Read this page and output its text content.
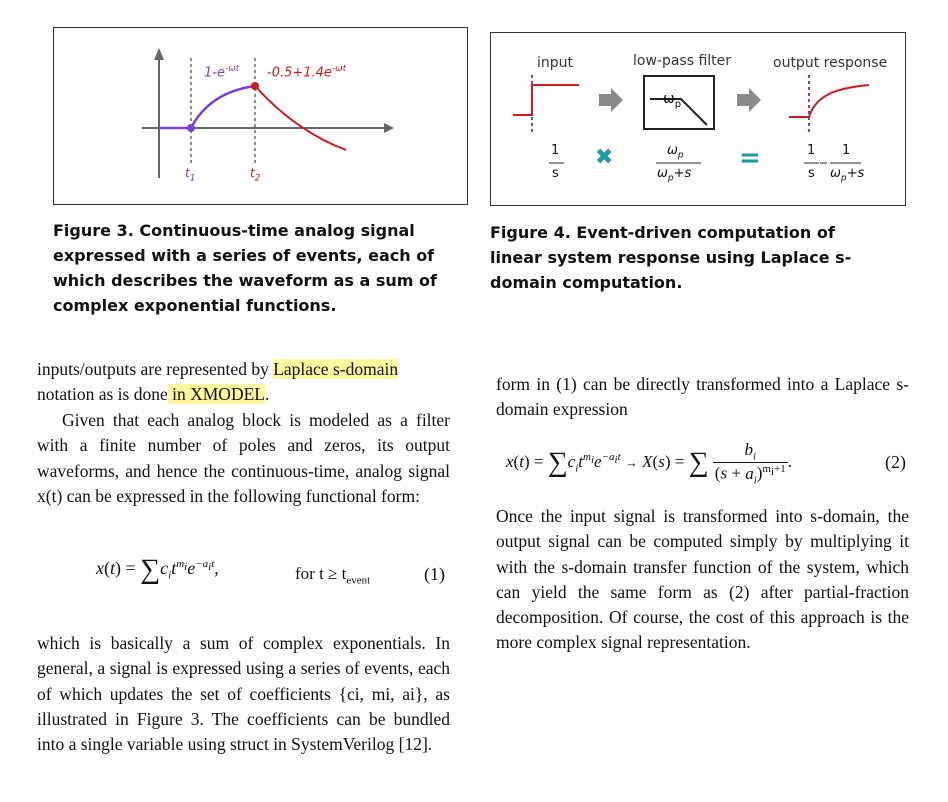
$1-e^{-\omega t}$ $-0.5+1.4e^{-\omega t}$
$t_1$	$t_2$
Figure 3. Continuous-time analog signal expressed with a series of events, each of which describes the waveform as a sum of complex exponential functions.
input	low-pass filter	output response
1
s
✖	$\omega_p$
$\omega_p+s$
=	1
s
1
$\omega_p+s$
$\omega_p$
Figure 4. Event-driven computation of linear system response using Laplace s-domain computation.

inputs/outputs are represented by Laplace s-domain
notation as is done in XMODEL.

Given that each analog block is modeled as a filter with a finite number of poles and zeros, its output waveforms, and hence the continuous-time, analog signal x(t) can be expressed in the following functional form:
$x(t) = \sum c_it^{m_i}e^{-a_it}$,	for $t \ge t_{event}$	(1)
which is basically a sum of complex exponentials. In general, a signal is expressed using a series of events, each of which updates the set of coefficients {ci, mi, ai}, as illustrated in Figure 3. The coefficients can be bundled into a single variable using struct in SystemVerilog [12].
form in (1) can be directly transformed into a Laplace s-domain expression
$x(t) = \sum c_it^{m_i}e^{-a_it} \to X(s)$ = ∑ $\frac{b_i}{(s + a_i)^{m_i+1}}$ .	(2)
Once the input signal is transformed into s-domain, the output signal can be computed simply by multiplying it with the s-domain transfer function of the system, which can yield the same form as (2) after partial-fraction decomposition. Of course, the cost of this approach is the more complex signal representation.
